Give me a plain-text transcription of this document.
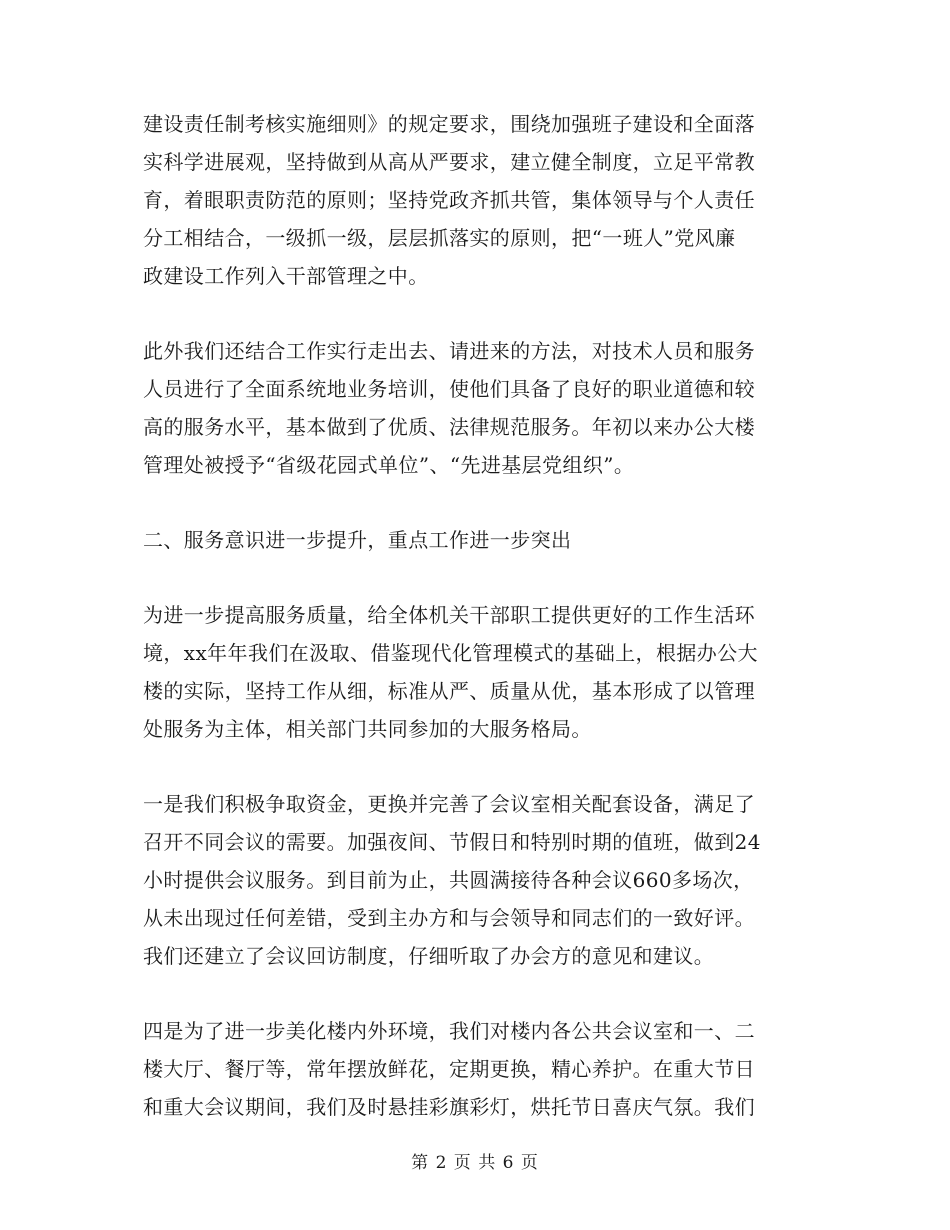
建设责任制考核实施细则》的规定要求，围绕加强班子建设和全面落
实科学进展观，坚持做到从高从严要求，建立健全制度，立足平常教
育，着眼职责防范的原则；坚持党政齐抓共管，集体领导与个人责任
分工相结合，一级抓一级，层层抓落实的原则，把“一班人”党风廉
政建设工作列入干部管理之中。
此外我们还结合工作实行走出去、请进来的方法，对技术人员和服务
人员进行了全面系统地业务培训，使他们具备了良好的职业道德和较
高的服务水平，基本做到了优质、法律规范服务。年初以来办公大楼
管理处被授予“省级花园式单位”、“先进基层党组织”。
二、服务意识进一步提升，重点工作进一步突出
为进一步提高服务质量，给全体机关干部职工提供更好的工作生活环
境，xx年年我们在汲取、借鉴现代化管理模式的基础上，根据办公大
楼的实际，坚持工作从细，标准从严、质量从优，基本形成了以管理
处服务为主体，相关部门共同参加的大服务格局。
一是我们积极争取资金，更换并完善了会议室相关配套设备，满足了
召开不同会议的需要。加强夜间、节假日和特别时期的值班，做到24
小时提供会议服务。到目前为止，共圆满接待各种会议660多场次，
从未出现过任何差错，受到主办方和与会领导和同志们的一致好评。
我们还建立了会议回访制度，仔细听取了办会方的意见和建议。
四是为了进一步美化楼内外环境，我们对楼内各公共会议室和一、二
楼大厅、餐厅等，常年摆放鲜花，定期更换，精心养护。在重大节日
和重大会议期间，我们及时悬挂彩旗彩灯，烘托节日喜庆气氛。我们
第 2 页 共 6 页
